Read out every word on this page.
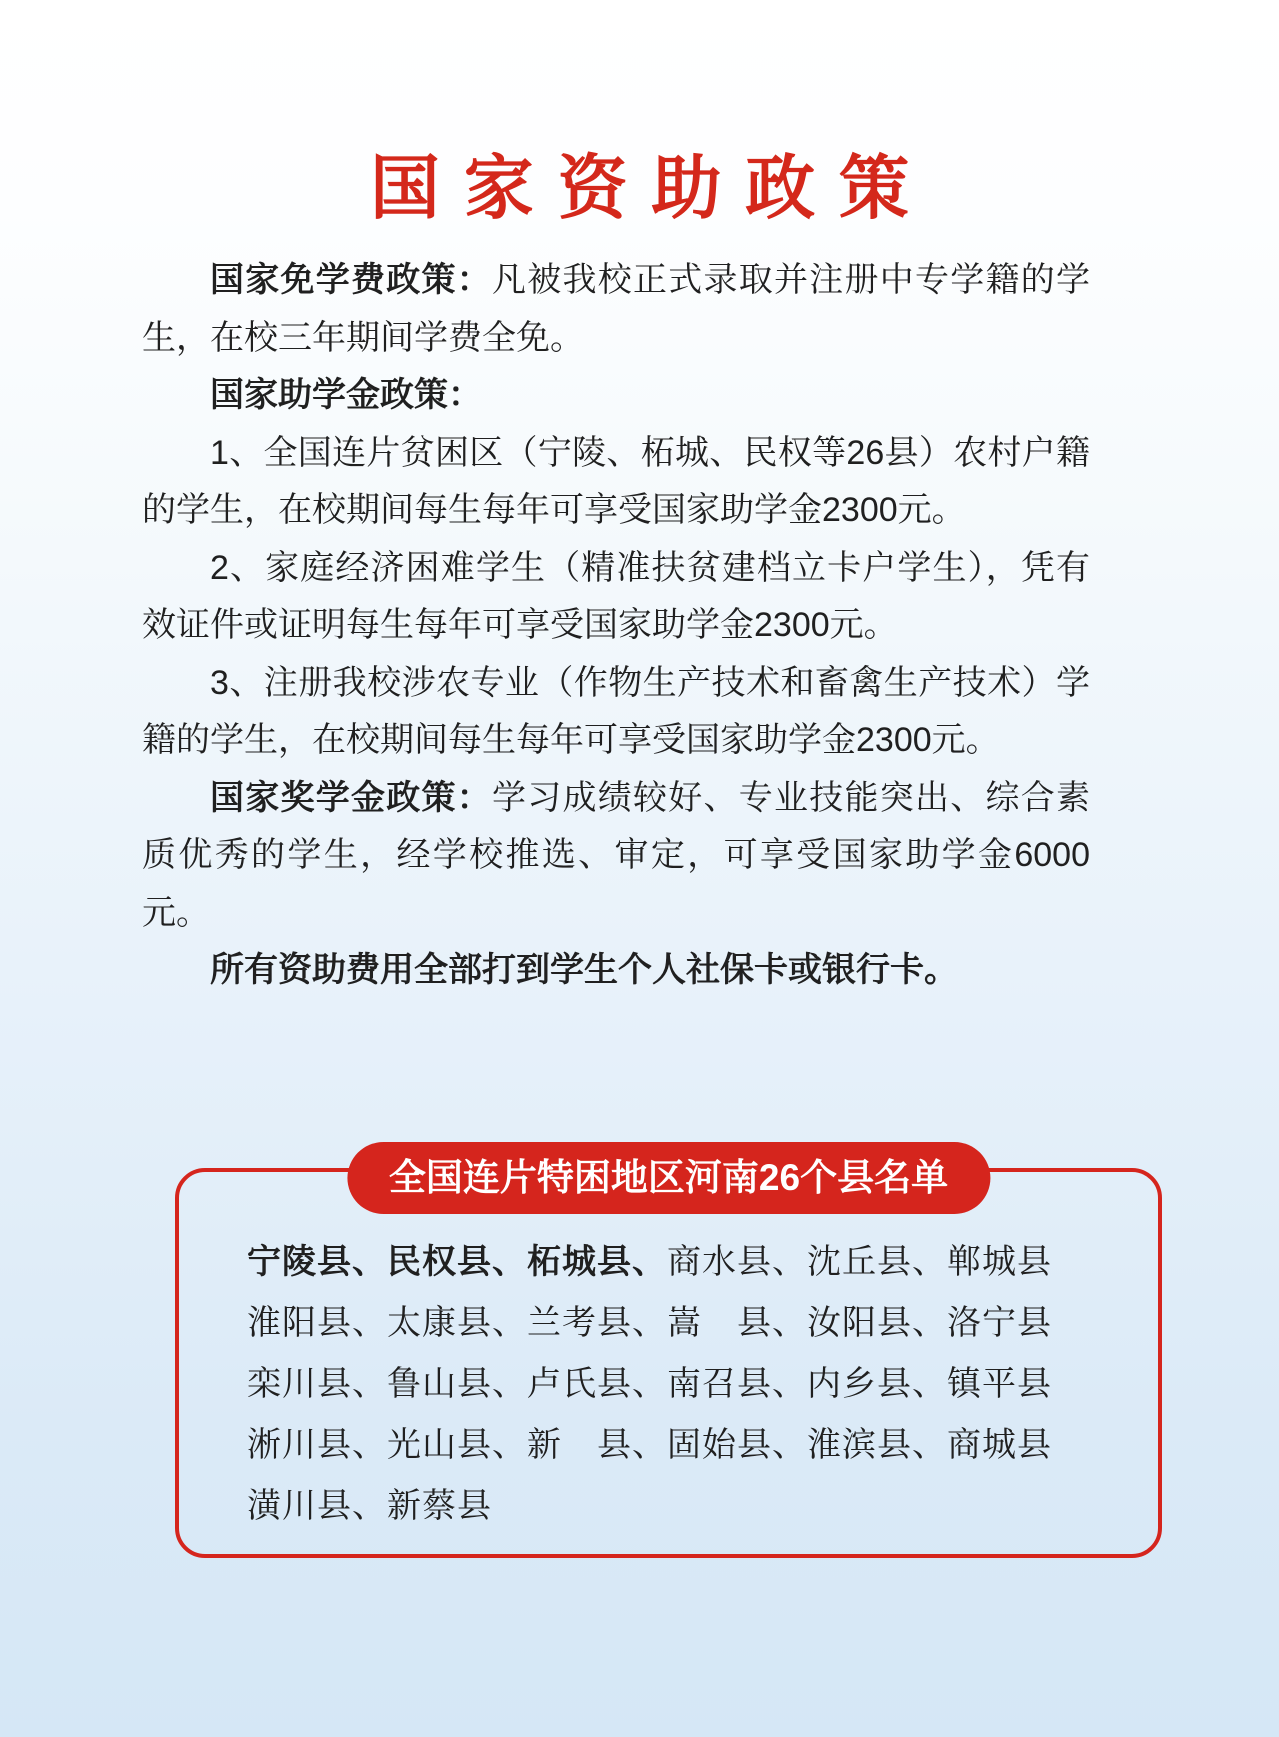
国家资助政策

国家免学费政策：凡被我校正式录取并注册中专学籍的学生，在校三年期间学费全免。

国家助学金政策：

1、全国连片贫困区（宁陵、柘城、民权等26县）农村户籍的学生，在校期间每生每年可享受国家助学金2300元。

2、家庭经济困难学生（精准扶贫建档立卡户学生），凭有效证件或证明每生每年可享受国家助学金2300元。

3、注册我校涉农专业（作物生产技术和畜禽生产技术）学籍的学生，在校期间每生每年可享受国家助学金2300元。

国家奖学金政策：学习成绩较好、专业技能突出、综合素质优秀的学生，经学校推选、审定，可享受国家助学金6000元。

所有资助费用全部打到学生个人社保卡或银行卡。

全国连片特困地区河南26个县名单
宁陵县、民权县、柘城县、商水县、沈丘县、郸城县
淮阳县、太康县、兰考县、嵩　县、汝阳县、洛宁县
栾川县、鲁山县、卢氏县、南召县、内乡县、镇平县
淅川县、光山县、新　县、固始县、淮滨县、商城县
潢川县、新蔡县
